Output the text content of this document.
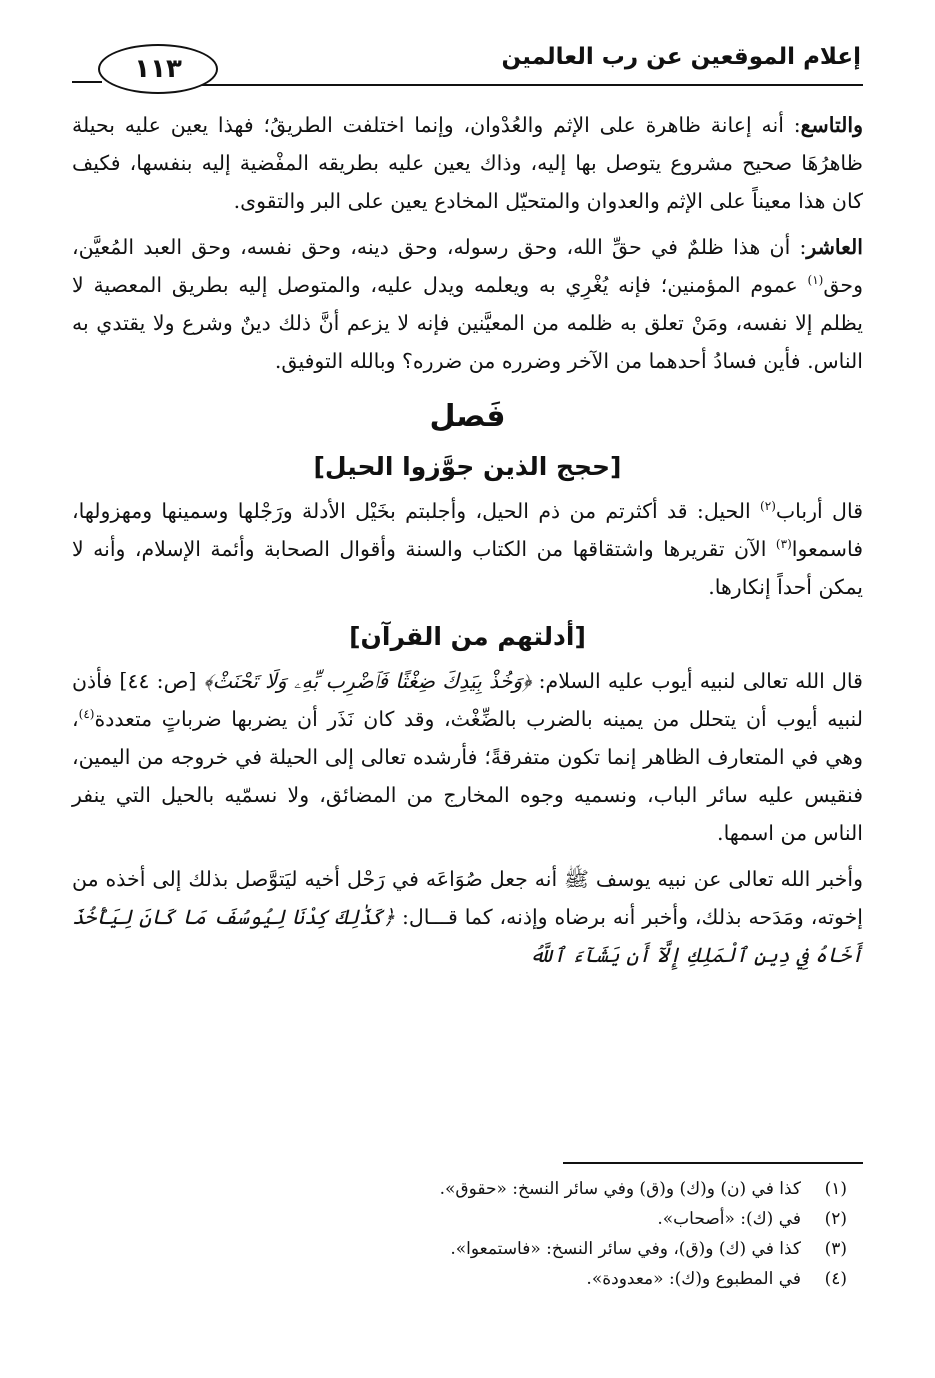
إعلام الموقعين عن رب العالمين
١١٣

والتاسع: أنه إعانة ظاهرة على الإثم والعُدْوان، وإنما اختلفت الطريقُ؛ فهذا يعين عليه بحيلة ظاهرُهَا صحيح مشروع يتوصل بها إليه، وذاك يعين عليه بطريقه المفْضية إليه بنفسها، فكيف كان هذا معيناً على الإثم والعدوان والمتحيّل المخادع يعين على البر والتقوى.

العاشر: أن هذا ظلمٌ في حقِّ الله، وحق رسوله، وحق دينه، وحق نفسه، وحق العبد المُعيَّن، وحق$^{(١)}$ عموم المؤمنين؛ فإنه يُغْرِي به ويعلمه ويدل عليه، والمتوصل إليه بطريق المعصية لا يظلم إلا نفسه، ومَنْ تعلق به ظلمه من المعيَّنين فإنه لا يزعم أنَّ ذلك دينٌ وشرع ولا يقتدي به الناس. فأين فسادُ أحدهما من الآخر وضرره من ضرره؟ وبالله التوفيق.

فَصل
[حجج الذين جوَّزوا الحيل]

قال أرباب$^{(٢)}$ الحيل: قد أكثرتم من ذم الحيل، وأجلبتم بخَيْل الأدلة ورَجْلها وسمينها ومهزولها، فاسمعوا$^{(٣)}$ الآن تقريرها واشتقاقها من الكتاب والسنة وأقوال الصحابة وأئمة الإسلام، وأنه لا يمكن أحداً إنكارها.

[أدلتهم من القرآن]

قال الله تعالى لنبيه أيوب عليه السلام: ﴿وَخُذْ بِيَدِكَ ضِغْثًا فَٱضْرِب بِّهِۦ وَلَا تَحْنَثْ﴾ [ص: ٤٤] فأذن لنبيه أيوب أن يتحلل من يمينه بالضرب بالضِّغْث، وقد كان نَذَر أن يضربها ضرباتٍ متعددة$^{(٤)}$، وهي في المتعارف الظاهر إنما تكون متفرقةً؛ فأرشده تعالى إلى الحيلة في خروجه من اليمين، فنقيس عليه سائر الباب، ونسميه وجوه المخارج من المضائق، ولا نسمّيه بالحيل التي ينفر الناس من اسمها.

وأخبر الله تعالى عن نبيه يوسف ﷺ أنه جعل صُوَاعَه في رَحْل أخيه ليَتوَّصل بذلك إلى أخذه من إخوته، ومَدَحه بذلك، وأخبر أنه برضاه وإذنه، كما قـــال: ﴿كَذَٰلِكَ كِدْنَا لِيُوسُفَ مَا كَانَ لِيَأْخُذَ أَخَاهُ فِي دِينِ ٱلْمَلِكِ إِلَّآ أَن يَشَآءَ ٱللَّهُ

(١)
كذا في (ن) و(ك) و(ق) وفي سائر النسخ: «حقوق».
(٢)
في (ك): «أصحاب».
(٣)
كذا في (ك) و(ق)، وفي سائر النسخ: «فاستمعوا».
(٤)
في المطبوع و(ك): «معدودة».
